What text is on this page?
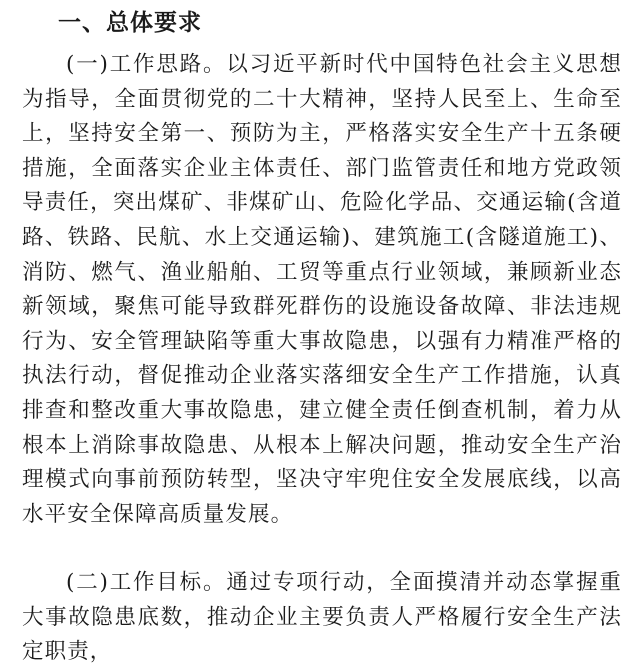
一、总体要求

(一)工作思路。以习近平新时代中国特色社会主义思想为指导，全面贯彻党的二十大精神，坚持人民至上、生命至上，坚持安全第一、预防为主，严格落实安全生产十五条硬措施，全面落实企业主体责任、部门监管责任和地方党政领导责任，突出煤矿、非煤矿山、危险化学品、交通运输(含道路、铁路、民航、水上交通运输)、建筑施工(含隧道施工)、消防、燃气、渔业船舶、工贸等重点行业领域，兼顾新业态新领域，聚焦可能导致群死群伤的设施设备故障、非法违规行为、安全管理缺陷等重大事故隐患，以强有力精准严格的执法行动，督促推动企业落实落细安全生产工作措施，认真排查和整改重大事故隐患，建立健全责任倒查机制，着力从根本上消除事故隐患、从根本上解决问题，推动安全生产治理模式向事前预防转型，坚决守牢兜住安全发展底线，以高水平安全保障高质量发展。

(二)工作目标。通过专项行动，全面摸清并动态掌握重大事故隐患底数，推动企业主要负责人严格履行安全生产法定职责，
